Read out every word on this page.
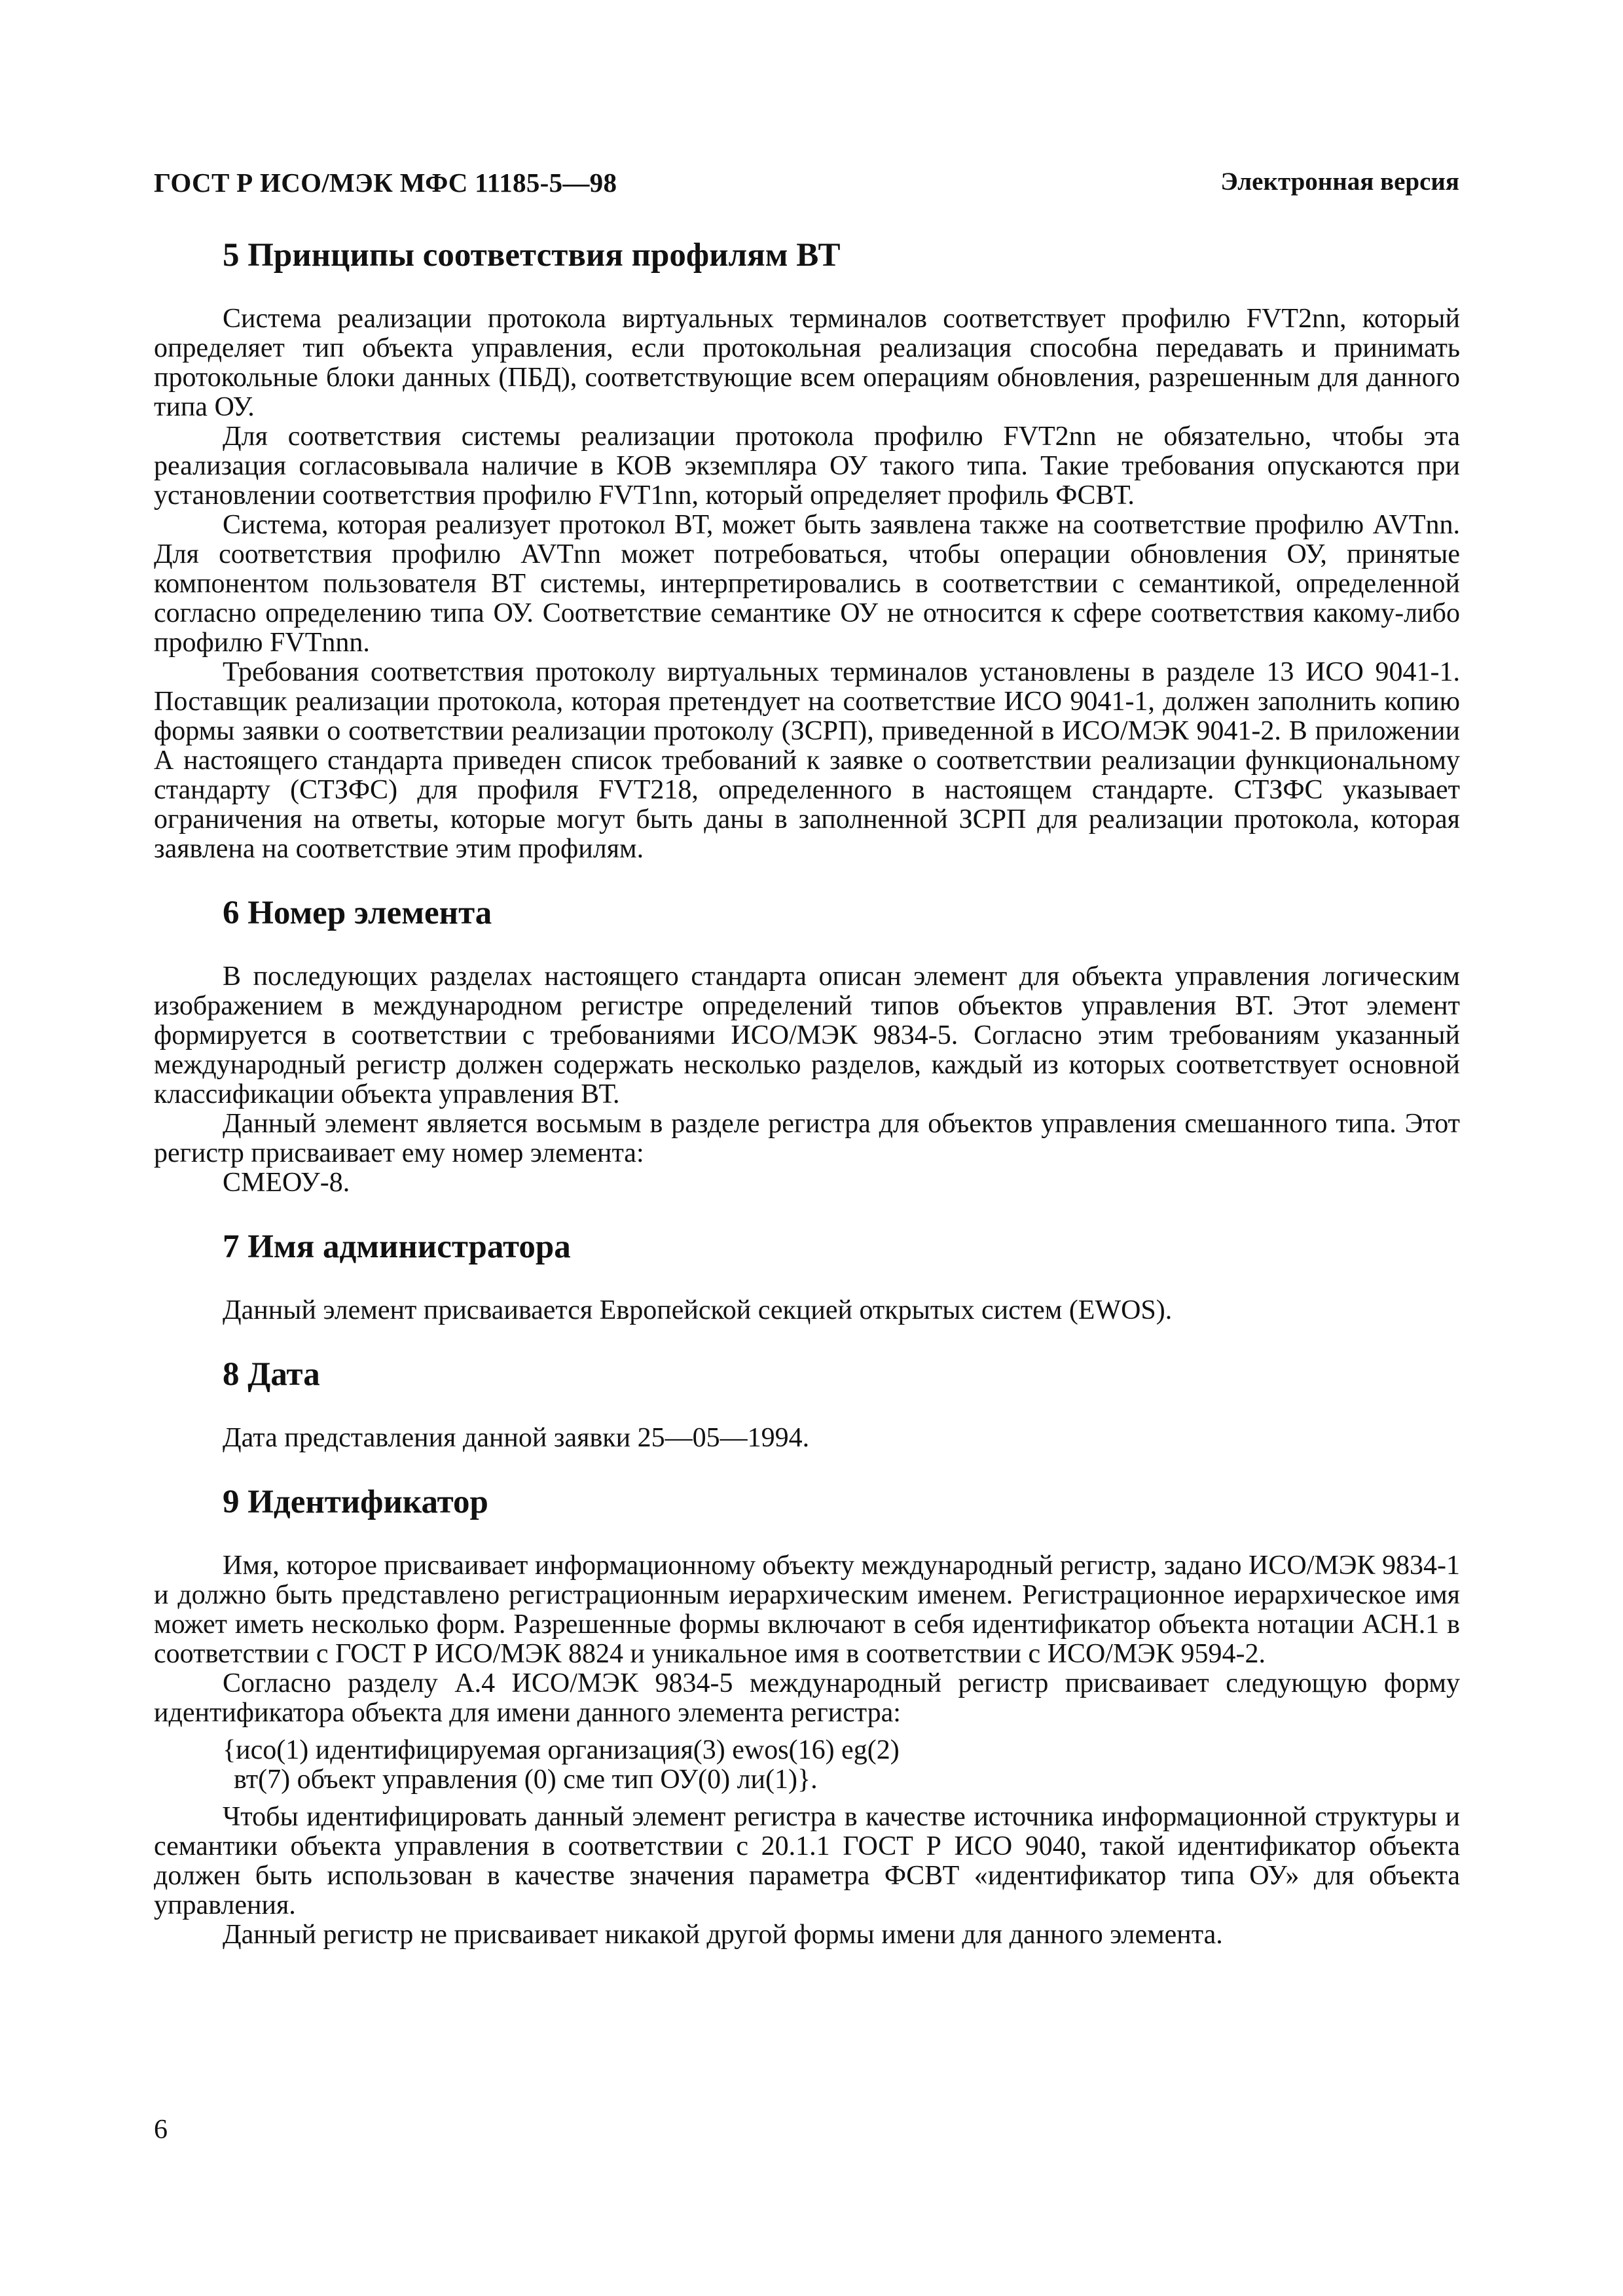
ГОСТ Р ИСО/МЭК МФС 11185-5—98	Электронная версия
5 Принципы соответствия профилям ВТ

Система реализации протокола виртуальных терминалов соответствует профилю FVT2nn, который определяет тип объекта управления, если протокольная реализация способна передавать и принимать протокольные блоки данных (ПБД), соответствующие всем операциям обновления, разрешенным для данного типа ОУ.

Для соответствия системы реализации протокола профилю FVT2nn не обязательно, чтобы эта реализация согласовывала наличие в КОВ экземпляра ОУ такого типа. Такие требования опускаются при установлении соответствия профилю FVT1nn, который определяет профиль ФСВТ.

Система, которая реализует протокол ВТ, может быть заявлена также на соответствие профилю AVTnn. Для соответствия профилю AVTnn может потребоваться, чтобы операции обновления ОУ, принятые компонентом пользователя ВТ системы, интерпретировались в соответствии с семантикой, определенной согласно определению типа ОУ. Соответствие семантике ОУ не относится к сфере соответствия какому-либо профилю FVTnnn.

Требования соответствия протоколу виртуальных терминалов установлены в разделе 13 ИСО 9041-1. Поставщик реализации протокола, которая претендует на соответствие ИСО 9041-1, должен заполнить копию формы заявки о соответствии реализации протоколу (ЗСРП), приведенной в ИСО/МЭК 9041-2. В приложении А настоящего стандарта приведен список требований к заявке о соответствии реализации функциональному стандарту (СТЗФС) для профиля FVT218, определенного в настоящем стандарте. СТЗФС указывает ограничения на ответы, которые могут быть даны в заполненной ЗСРП для реализации протокола, которая заявлена на соответствие этим профилям.

6 Номер элемента

В последующих разделах настоящего стандарта описан элемент для объекта управления логическим изображением в международном регистре определений типов объектов управления ВТ. Этот элемент формируется в соответствии с требованиями ИСО/МЭК 9834-5. Согласно этим требованиям указанный международный регистр должен содержать несколько разделов, каждый из которых соответствует основной классификации объекта управления ВТ.

Данный элемент является восьмым в разделе регистра для объектов управления смешанного типа. Этот регистр присваивает ему номер элемента:

СМЕОУ-8.

7 Имя администратора

Данный элемент присваивается Европейской секцией открытых систем (EWOS).

8 Дата

Дата представления данной заявки 25—05—1994.

9 Идентификатор

Имя, которое присваивает информационному объекту международный регистр, задано ИСО/МЭК 9834-1 и должно быть представлено регистрационным иерархическим именем. Регистрационное иерархическое имя может иметь несколько форм. Разрешенные формы включают в себя идентификатор объекта нотации АСН.1 в соответствии с ГОСТ Р ИСО/МЭК 8824 и уникальное имя в соответствии с ИСО/МЭК 9594-2.

Согласно разделу А.4 ИСО/МЭК 9834-5 международный регистр присваивает следующую форму идентификатора объекта для имени данного элемента регистра:

{исо(1) идентифицируемая организация(3) ewos(16) eg(2)

вт(7) объект управления (0) сме тип ОУ(0) ли(1)}.

Чтобы идентифицировать данный элемент регистра в качестве источника информационной структуры и семантики объекта управления в соответствии с 20.1.1 ГОСТ Р ИСО 9040, такой идентификатор объекта должен быть использован в качестве значения параметра ФСВТ «идентификатор типа ОУ» для объекта управления.

Данный регистр не присваивает никакой другой формы имени для данного элемента.

6
